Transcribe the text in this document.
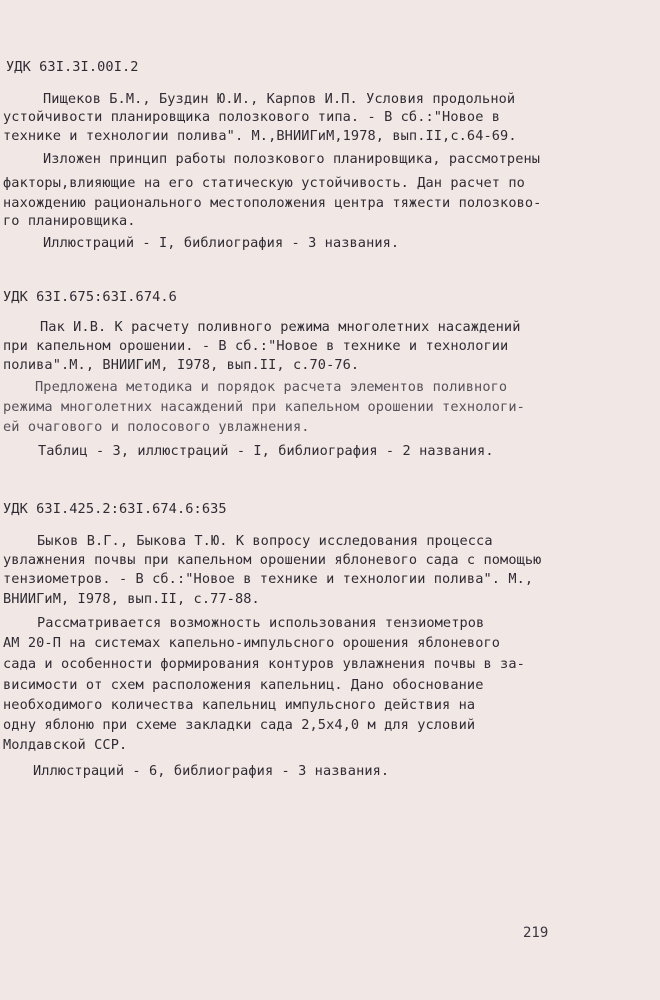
УДК 63I.3I.00I.2
Пищеков Б.М., Буздин Ю.И., Карпов И.П. Условия продольной
устойчивости планировщика полозкового типа. - В сб.:"Новое в
технике и технологии полива". М.,ВНИИГиМ,1978, вып.II,с.64-69.
Изложен принцип работы полозкового планировщика, рассмотрены
факторы,влияющие на его статическую устойчивость. Дан расчет по
нахождению рационального местоположения центра тяжести полозково-
го планировщика.
Иллюстраций - I, библиография - 3 названия.
УДК 63I.675:63I.674.6
Пак И.В. К расчету поливного режима многолетних насаждений
при капельном орошении. - В сб.:"Новое в технике и технологии
полива".М., ВНИИГиМ, I978, вып.II, с.70-76.
Предложена методика и порядок расчета элементов поливного
режима многолетних насаждений при капельном орошении технологи-
ей очагового и полосового увлажнения.
Таблиц - 3, иллюстраций - I, библиография - 2 названия.
УДК 63I.425.2:63I.674.6:635
Быков В.Г., Быкова Т.Ю. К вопросу исследования процесса
увлажнения почвы при капельном орошении яблоневого сада с помощью
тензиометров. - В сб.:"Новое в технике и технологии полива". М.,
ВНИИГиМ, I978, вып.II, с.77-88.
Рассматривается возможность использования тензиометров
АМ 20-П на системах капельно-импульсного орошения яблоневого
сада и особенности формирования контуров увлажнения почвы в за-
висимости от схем расположения капельниц. Дано обоснование
необходимого количества капельниц импульсного действия на
одну яблоню при схеме закладки сада 2,5х4,0 м для условий
Молдавской ССР.
Иллюстраций - 6, библиография - 3 названия.
219
